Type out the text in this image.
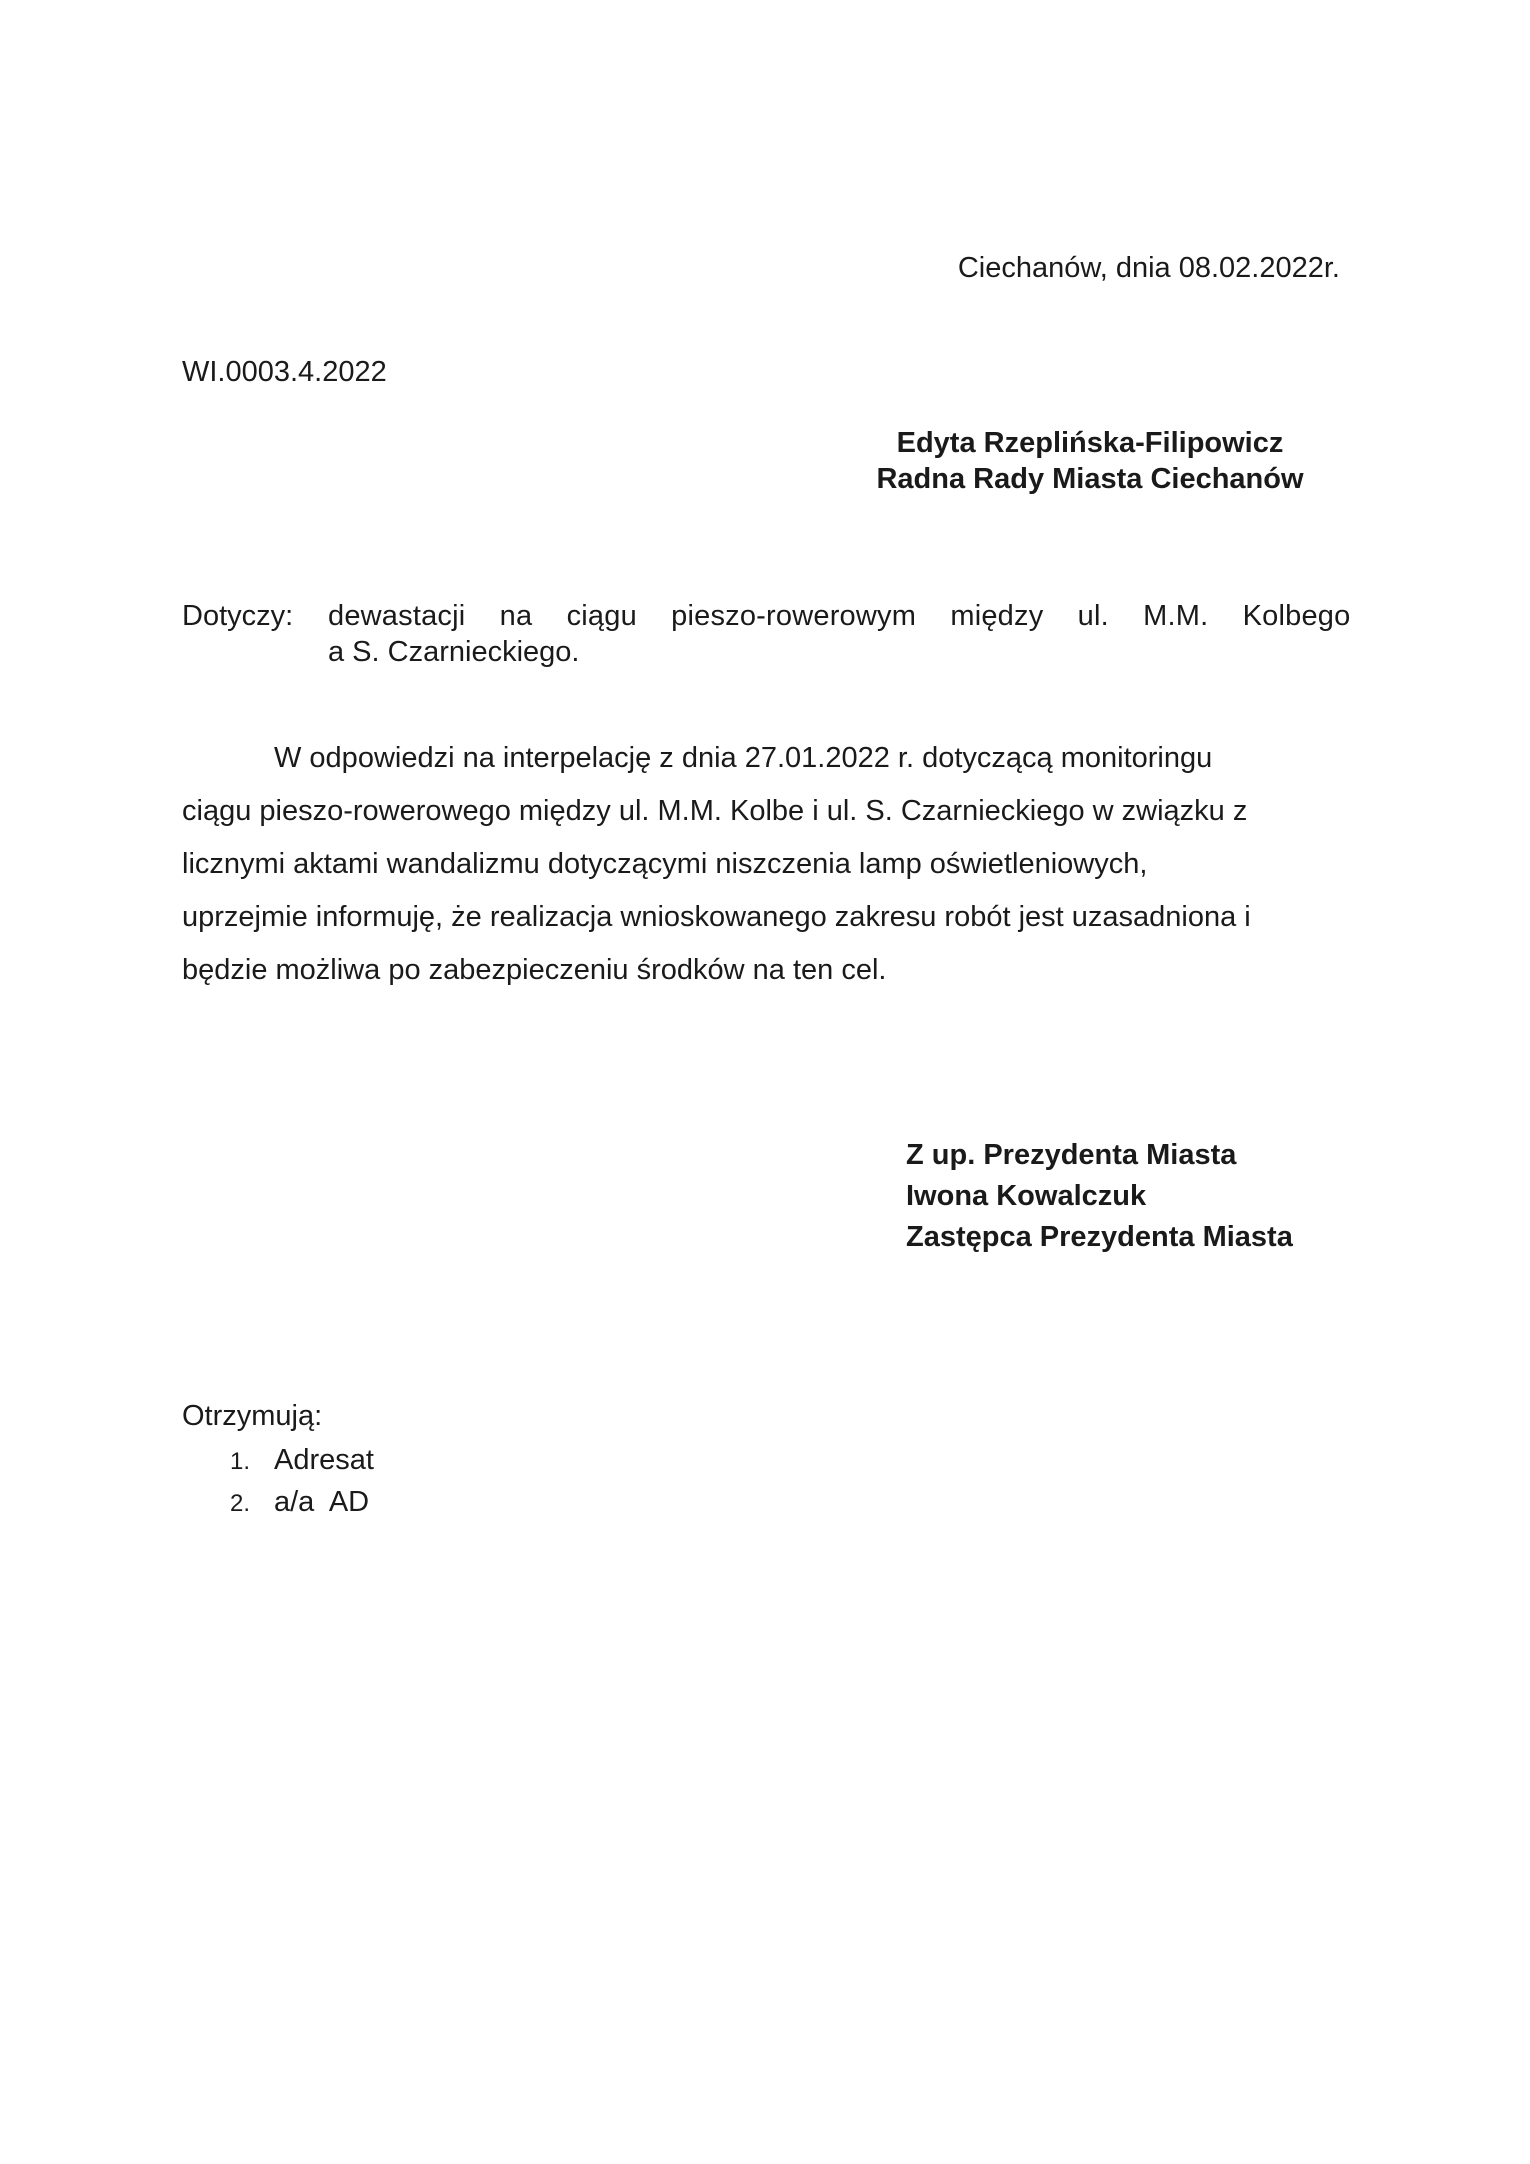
Ciechanów, dnia 08.02.2022r.
WI.0003.4.2022
Edyta Rzeplińska-Filipowicz
Radna Rady Miasta Ciechanów
Dotyczy: dewastacji na ciągu pieszo-rowerowym między ul. M.M. Kolbego
a S. Czarnieckiego.
W odpowiedzi na interpelację z dnia 27.01.2022 r. dotyczącą monitoringu
ciągu pieszo-rowerowego między ul. M.M. Kolbe i ul. S. Czarnieckiego w związku z
licznymi aktami wandalizmu dotyczącymi niszczenia lamp oświetleniowych,
uprzejmie informuję, że realizacja wnioskowanego zakresu robót jest uzasadniona i
będzie możliwa po zabezpieczeniu środków na ten cel.
Z up. Prezydenta Miasta
Iwona Kowalczuk
Zastępca Prezydenta Miasta
Otrzymują:
1. Adresat
2. a/a  AD
